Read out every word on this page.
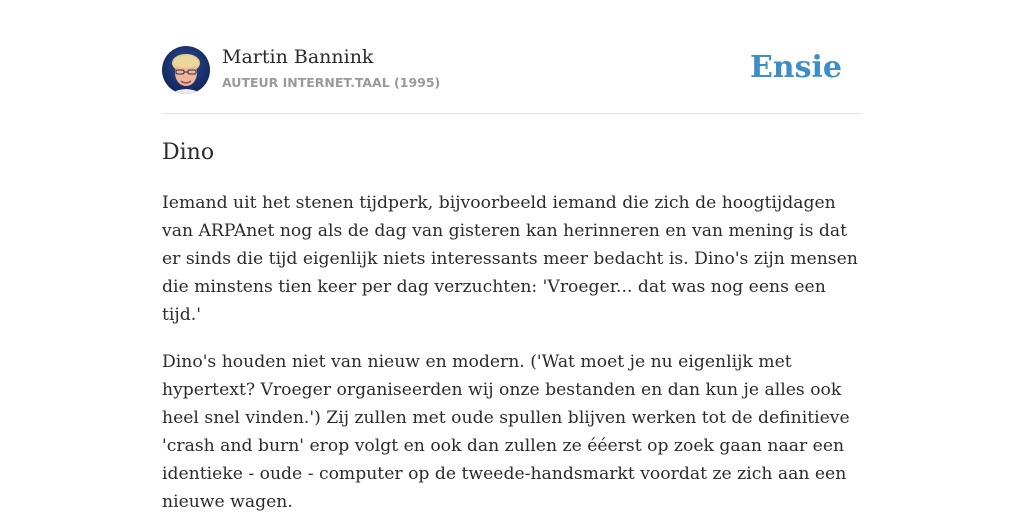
Martin Bannink
AUTEUR INTERNET.TAAL (1995)	Ensie
Dino

Iemand uit het stenen tijdperk, bijvoorbeeld iemand die zich de hoogtijdagen van ARPAnet nog als de dag van gisteren kan herinneren en van mening is dat er sinds die tijd eigenlijk niets interessants meer bedacht is. Dino's zijn mensen die minstens tien keer per dag verzuchten: 'Vroeger... dat was nog eens een tijd.'

Dino's houden niet van nieuw en modern. ('Wat moet je nu eigenlijk met hypertext? Vroeger organiseerden wij onze bestanden en dan kun je alles ook heel snel vinden.') Zij zullen met oude spullen blijven werken tot de definitieve 'crash and burn' erop volgt en ook dan zullen ze ééerst op zoek gaan naar een identieke - oude - computer op de tweede-handsmarkt voordat ze zich aan een nieuwe wagen.
